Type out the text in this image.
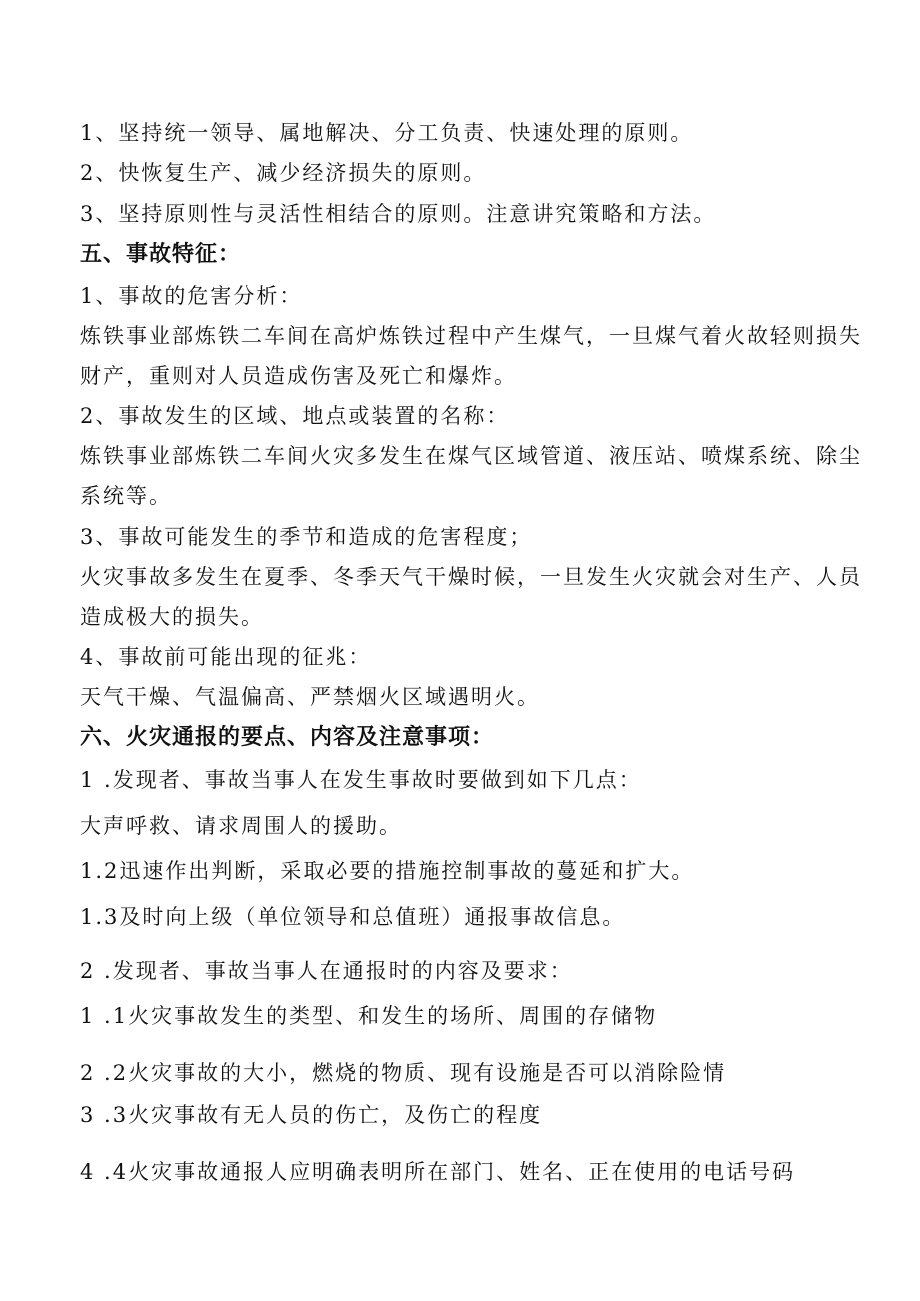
1、坚持统一领导、属地解决、分工负责、快速处理的原则。
2、快恢复生产、减少经济损失的原则。
3、坚持原则性与灵活性相结合的原则。注意讲究策略和方法。
五、事故特征：
1、事故的危害分析：
炼铁事业部炼铁二车间在高炉炼铁过程中产生煤气，一旦煤气着火故轻则损失
财产，重则对人员造成伤害及死亡和爆炸。
2、事故发生的区域、地点或装置的名称：
炼铁事业部炼铁二车间火灾多发生在煤气区域管道、液压站、喷煤系统、除尘
系统等。
3、事故可能发生的季节和造成的危害程度；
火灾事故多发生在夏季、冬季天气干燥时候，一旦发生火灾就会对生产、人员
造成极大的损失。
4、事故前可能出现的征兆：
天气干燥、气温偏高、严禁烟火区域遇明火。
六、火灾通报的要点、内容及注意事项：
1 .发现者、事故当事人在发生事故时要做到如下几点：
大声呼救、请求周围人的援助。
1.2迅速作出判断，采取必要的措施控制事故的蔓延和扩大。
1.3及时向上级（单位领导和总值班）通报事故信息。
2 .发现者、事故当事人在通报时的内容及要求：
1 .1火灾事故发生的类型、和发生的场所、周围的存储物
2 .2火灾事故的大小，燃烧的物质、现有设施是否可以消除险情
3 .3火灾事故有无人员的伤亡，及伤亡的程度
4 .4火灾事故通报人应明确表明所在部门、姓名、正在使用的电话号码
